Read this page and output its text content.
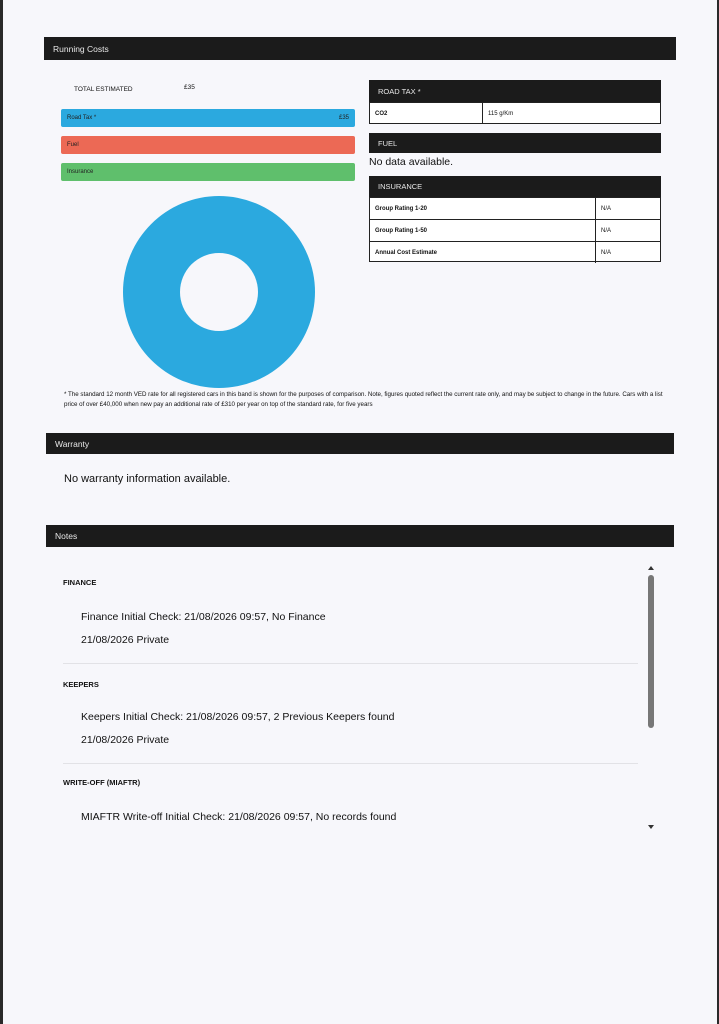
Running Costs
TOTAL ESTIMATED	£35
Road Tax *	£35
Fuel
Insurance
ROAD TAX *
CO2	115 g/Km
FUEL
No data available.
INSURANCE
Group Rating 1-20	N/A
Group Rating 1-50	N/A
Annual Cost Estimate	N/A
* The standard 12 month VED rate for all registered cars in this band is shown for the purposes of comparison. Note, figures quoted reflect the current rate only, and may be subject to change in the future. Cars with a list price of over £40,000 when new pay an additional rate of £310 per year on top of the standard rate, for five years
Warranty
No warranty information available.
Notes
FINANCE
Finance Initial Check: 21/08/2026 09:57, No Finance
21/08/2026 Private
KEEPERS
Keepers Initial Check: 21/08/2026 09:57, 2 Previous Keepers found
21/08/2026 Private
WRITE-OFF (MIAFTR)
MIAFTR Write-off Initial Check: 21/08/2026 09:57, No records found
